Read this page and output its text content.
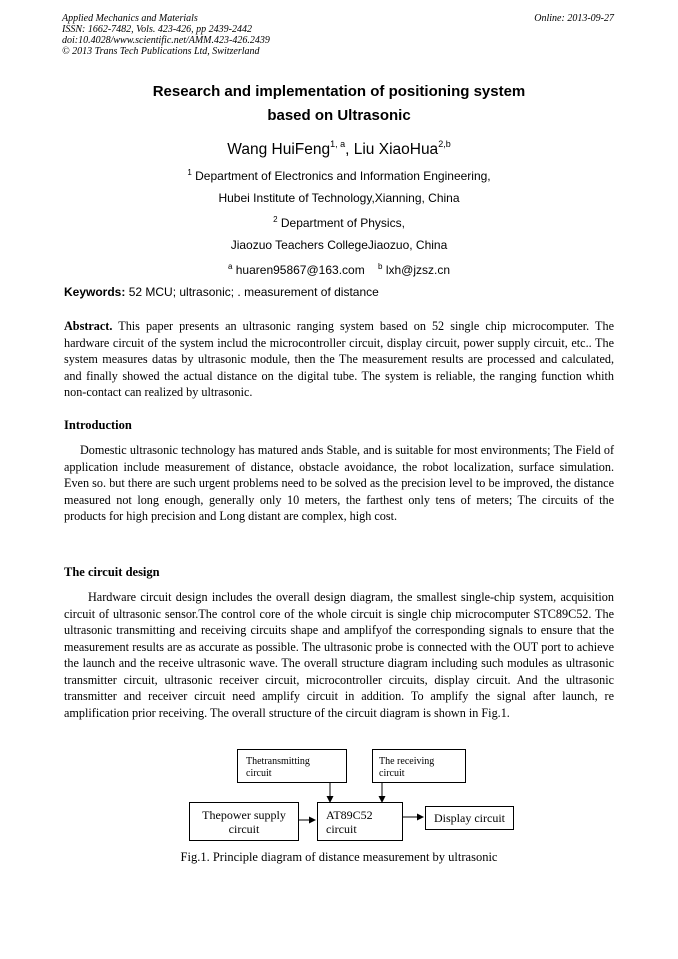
Applied Mechanics and Materials
ISSN: 1662-7482, Vols. 423-426, pp 2439-2442
doi:10.4028/www.scientific.net/AMM.423-426.2439
© 2013 Trans Tech Publications Ltd, Switzerland
Online: 2013-09-27
Research and implementation of positioning system
based on Ultrasonic
Wang HuiFeng$^{1, a}$, Liu XiaoHua$^{2,b}$
$^1$ Department of Electronics and Information Engineering,
Hubei Institute of Technology,Xianning, China
$^2$ Department of Physics,
Jiaozuo Teachers CollegeJiaozuo, China
$^a$ huaren95867@163.com $^b$ lxh@jzsz.cn
Keywords: 52 MCU; ultrasonic; . measurement of distance
Abstract. This paper presents an ultrasonic ranging system based on 52 single chip microcomputer. The hardware circuit of the system includ the microcontroller circuit, display circuit, power supply circuit, etc.. The system measures datas by ultrasonic module, then the The measurement results are processed and calculated, and finally showed the actual distance on the digital tube. The system is reliable, the ranging function whith non-contact can realized by ultrasonic.
Introduction
Domestic ultrasonic technology has matured ands Stable, and is suitable for most environments; The Field of application include measurement of distance, obstacle avoidance, the robot localization, surface simulation. Even so. but there are such urgent problems need to be solved as the precision level to be improved, the distance measured not long enough, generally only 10 meters, the farthest only tens of meters; The circuits of the products for high precision and Long distant are complex, high cost.
The circuit design
Hardware circuit design includes the overall design diagram, the smallest single-chip system, acquisition circuit of ultrasonic sensor.The control core of the whole circuit is single chip microcomputer STC89C52. The ultrasonic transmitting and receiving circuits shape and amplifyof the corresponding signals to ensure that the measurement results are as accurate as possible. The ultrasonic probe is connected with the OUT port to achieve the launch and the receive ultrasonic wave. The overall structure diagram including such modules as ultrasonic transmitter circuit, ultrasonic receiver circuit, microcontroller circuits, display circuit. And the ultrasonic transmitter and receiver circuit need amplify circuit in addition. To amplify the signal after launch, re amplification prior receiving. The overall structure of the circuit diagram is shown in Fig.1.
Thetransmitting
circuit
The receiving
circuit
Thepower supply
circuit
AT89C52
circuit
Display circuit
Fig.1. Principle diagram of distance measurement by ultrasonic
